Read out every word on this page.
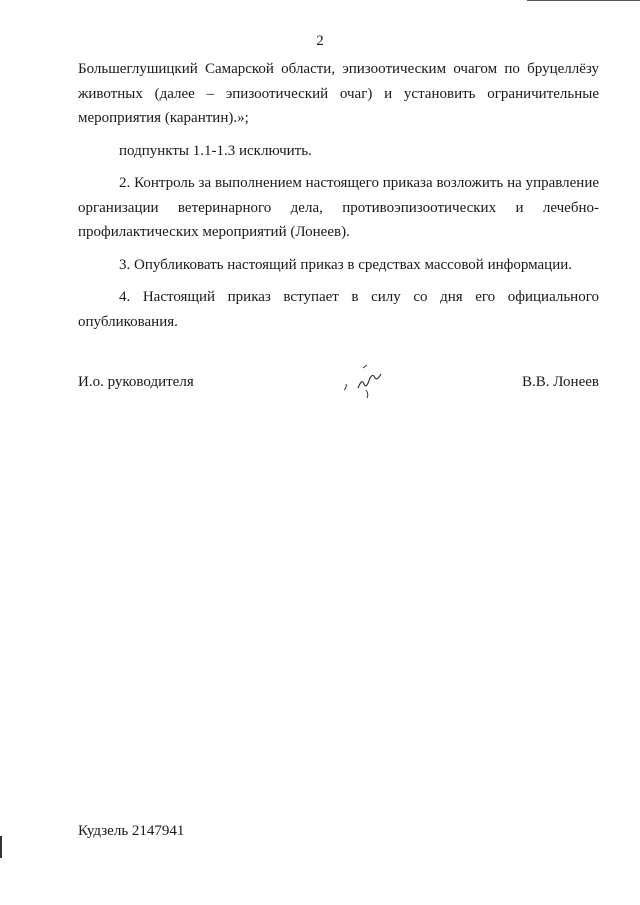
2

Большеглушицкий Самарской области, эпизоотическим очагом по бруцеллёзу животных (далее – эпизоотический очаг) и установить ограничительные мероприятия (карантин).»;

подпункты 1.1-1.3 исключить.

2. Контроль за выполнением настоящего приказа возложить на управление организации ветеринарного дела, противоэпизоотических и лечебно-профилактических мероприятий (Лонеев).

3. Опубликовать настоящий приказ в средствах массовой информации.

4. Настоящий приказ вступает в силу со дня его официального опубликования.

И.о. руководителя	В.В. Лонеев
Кудзель 2147941
